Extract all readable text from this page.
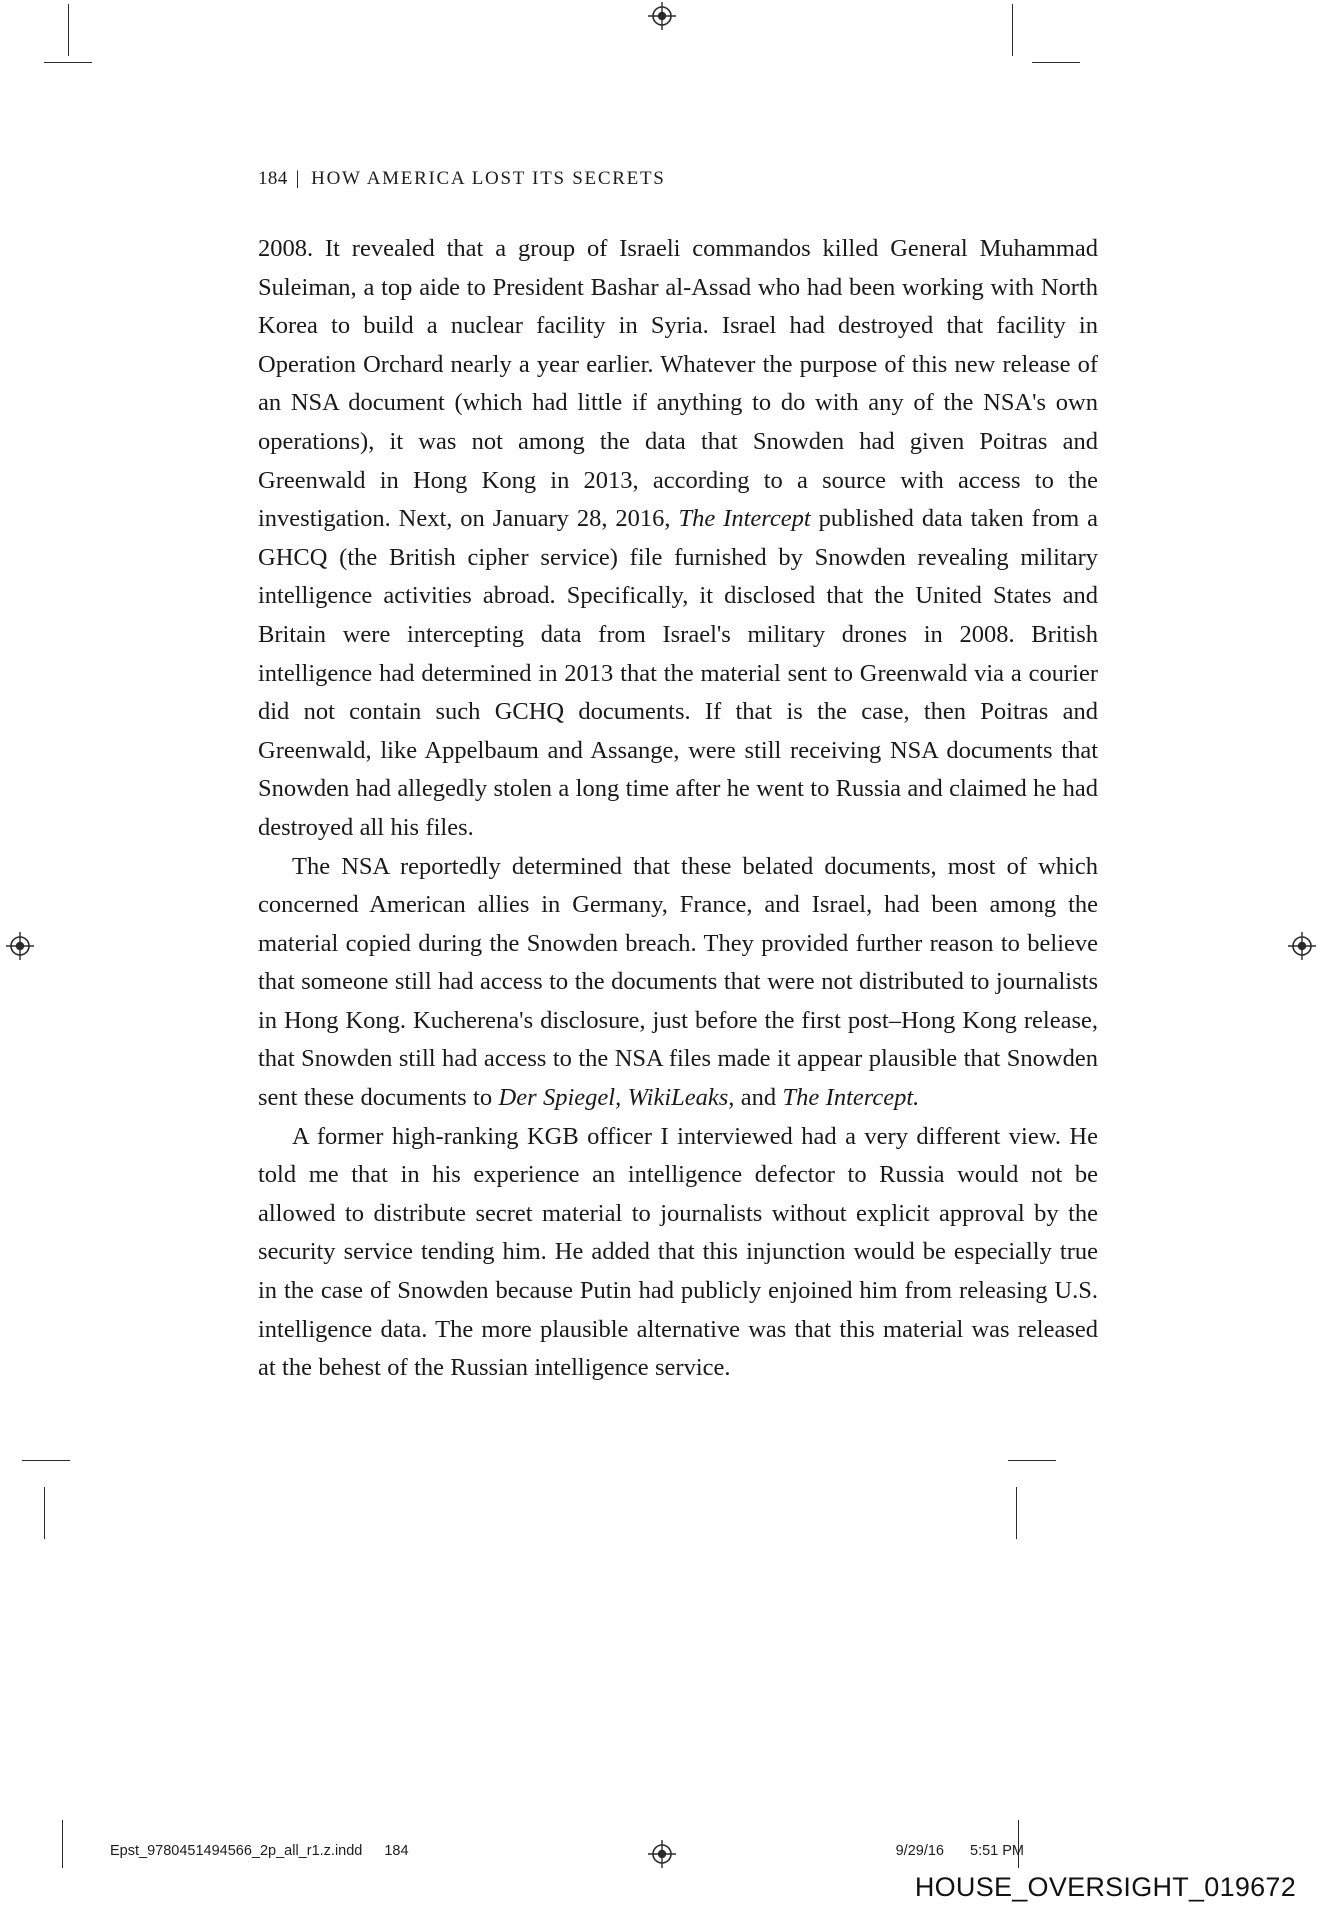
184 | HOW AMERICA LOST ITS SECRETS

2008. It revealed that a group of Israeli commandos killed General Muhammad Suleiman, a top aide to President Bashar al-Assad who had been working with North Korea to build a nuclear facility in Syria. Israel had destroyed that facility in Operation Orchard nearly a year earlier. Whatever the purpose of this new release of an NSA document (which had little if anything to do with any of the NSA's own operations), it was not among the data that Snowden had given Poitras and Greenwald in Hong Kong in 2013, according to a source with access to the investigation. Next, on January 28, 2016, The Intercept published data taken from a GHCQ (the British cipher service) file furnished by Snowden revealing military intelligence activities abroad. Specifically, it disclosed that the United States and Britain were intercepting data from Israel's military drones in 2008. British intelligence had determined in 2013 that the material sent to Greenwald via a courier did not contain such GCHQ documents. If that is the case, then Poitras and Greenwald, like Appelbaum and Assange, were still receiving NSA documents that Snowden had allegedly stolen a long time after he went to Russia and claimed he had destroyed all his files.

The NSA reportedly determined that these belated documents, most of which concerned American allies in Germany, France, and Israel, had been among the material copied during the Snowden breach. They provided further reason to believe that someone still had access to the documents that were not distributed to journalists in Hong Kong. Kucherena's disclosure, just before the first post–Hong Kong release, that Snowden still had access to the NSA files made it appear plausible that Snowden sent these documents to Der Spiegel, WikiLeaks, and The Intercept.

A former high-ranking KGB officer I interviewed had a very different view. He told me that in his experience an intelligence defector to Russia would not be allowed to distribute secret material to journalists without explicit approval by the security service tending him. He added that this injunction would be especially true in the case of Snowden because Putin had publicly enjoined him from releasing U.S. intelligence data. The more plausible alternative was that this material was released at the behest of the Russian intelligence service.

Epst_9780451494566_2p_all_r1.z.indd 184	9/29/16 5:51 PM
HOUSE_OVERSIGHT_019672
